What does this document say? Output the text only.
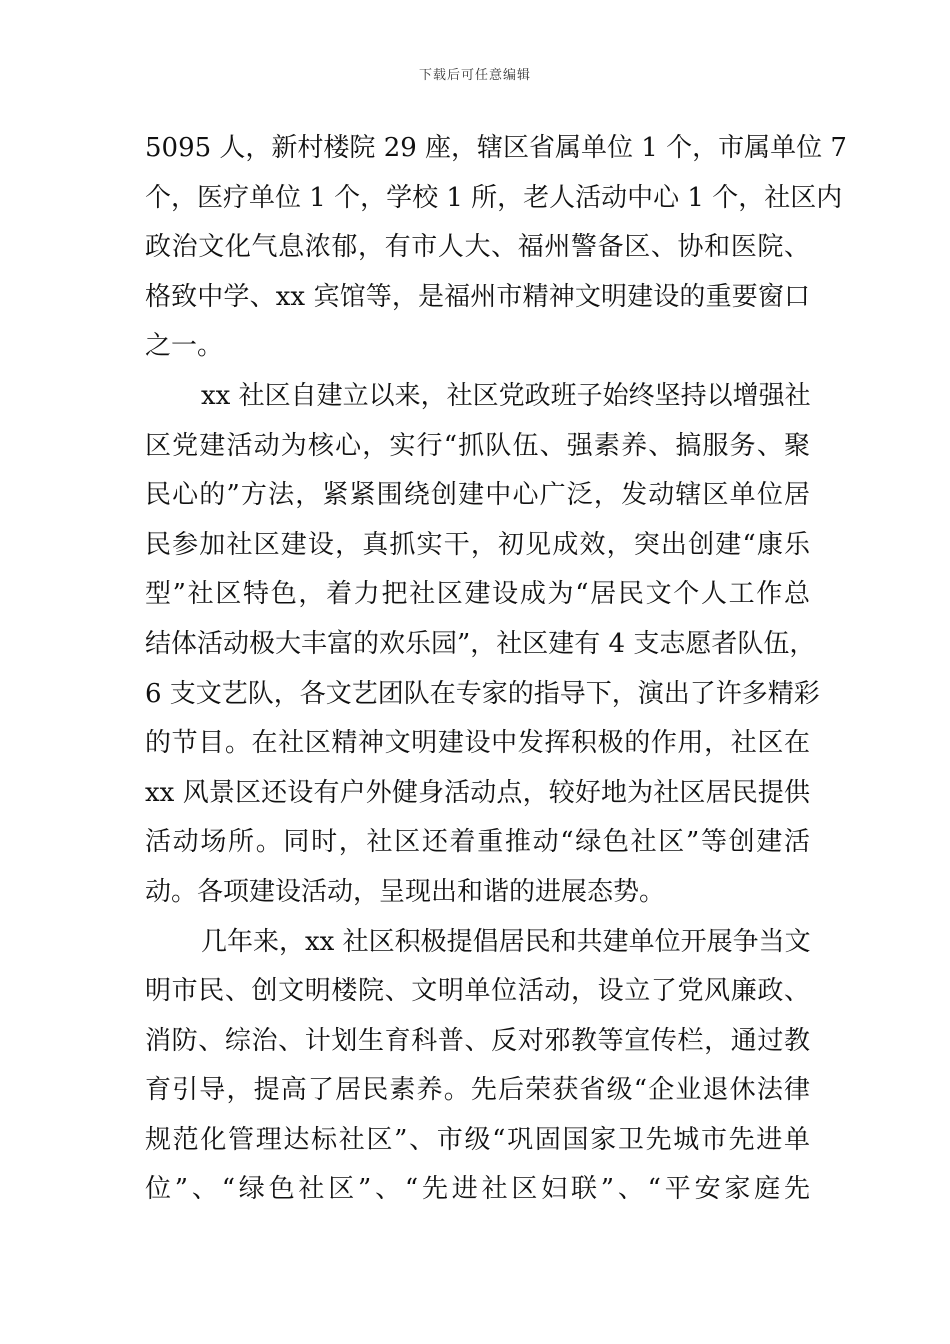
下载后可任意编辑
5095 人，新村楼院 29 座，辖区省属单位 1 个，市属单位 7
个，医疗单位 1 个，学校 1 所，老人活动中心 1 个，社区内
政治文化气息浓郁，有市人大、福州警备区、协和医院、
格致中学、xx 宾馆等，是福州市精神文明建设的重要窗口
之一。
xx 社区自建立以来，社区党政班子始终坚持以增强社
区党建活动为核心，实行“抓队伍、强素养、搞服务、聚
民心的”方法，紧紧围绕创建中心广泛，发动辖区单位居
民参加社区建设，真抓实干，初见成效，突出创建“康乐
型”社区特色，着力把社区建设成为“居民文个人工作总
结体活动极大丰富的欢乐园”，社区建有 4 支志愿者队伍，
6 支文艺队，各文艺团队在专家的指导下，演出了许多精彩
的节目。在社区精神文明建设中发挥积极的作用，社区在
xx 风景区还设有户外健身活动点，较好地为社区居民提供
活动场所。同时，社区还着重推动“绿色社区”等创建活
动。各项建设活动，呈现出和谐的进展态势。
几年来，xx 社区积极提倡居民和共建单位开展争当文
明市民、创文明楼院、文明单位活动，设立了党风廉政、
消防、综治、计划生育科普、反对邪教等宣传栏，通过教
育引导，提高了居民素养。先后荣获省级“企业退休法律
规范化管理达标社区”、市级“巩固国家卫先城市先进单
位”、“绿色社区”、“先进社区妇联”、“平安家庭先
